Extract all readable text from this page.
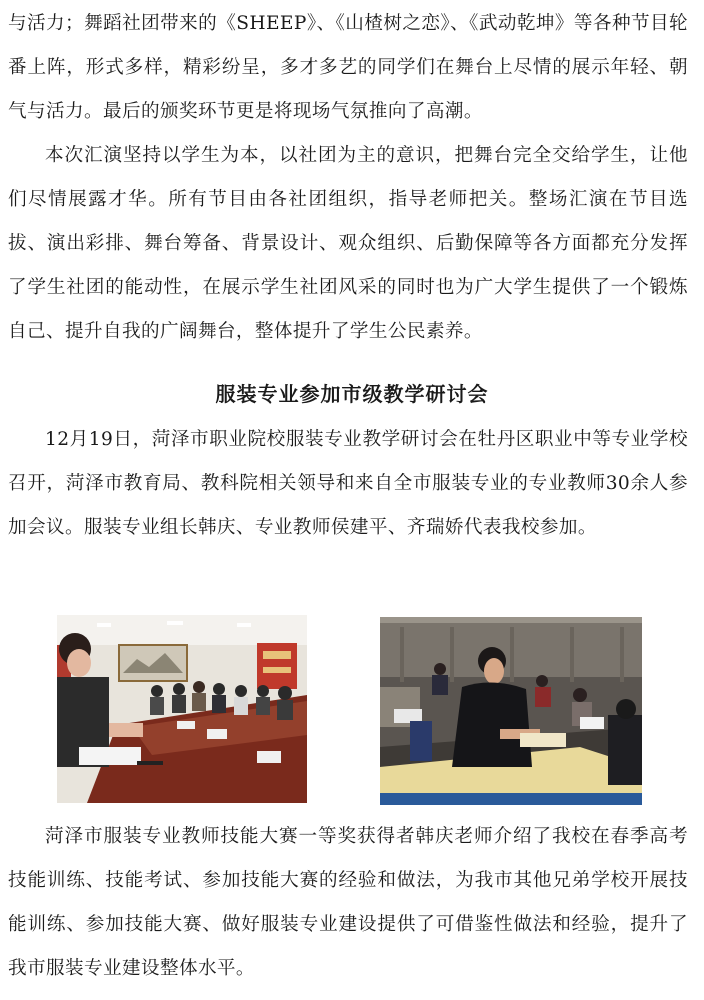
与活力；舞蹈社团带来的《SHEEP》、《山楂树之恋》、《武动乾坤》等各种节目轮番上阵，形式多样，精彩纷呈，多才多艺的同学们在舞台上尽情的展示年轻、朝气与活力。最后的颁奖环节更是将现场气氛推向了高潮。

本次汇演坚持以学生为本，以社团为主的意识，把舞台完全交给学生，让他们尽情展露才华。所有节目由各社团组织，指导老师把关。整场汇演在节目选拔、演出彩排、舞台筹备、背景设计、观众组织、后勤保障等各方面都充分发挥了学生社团的能动性，在展示学生社团风采的同时也为广大学生提供了一个锻炼自己、提升自我的广阔舞台，整体提升了学生公民素养。

服装专业参加市级教学研讨会

12月19日，菏泽市职业院校服装专业教学研讨会在牡丹区职业中等专业学校召开，菏泽市教育局、教科院相关领导和来自全市服装专业的专业教师30余人参加会议。服装专业组长韩庆、专业教师侯建平、齐瑞娇代表我校参加。

菏泽市服装专业教师技能大赛一等奖获得者韩庆老师介绍了我校在春季高考技能训练、技能考试、参加技能大赛的经验和做法，为我市其他兄弟学校开展技能训练、参加技能大赛、做好服装专业建设提供了可借鉴性做法和经验，提升了我市服装专业建设整体水平。
